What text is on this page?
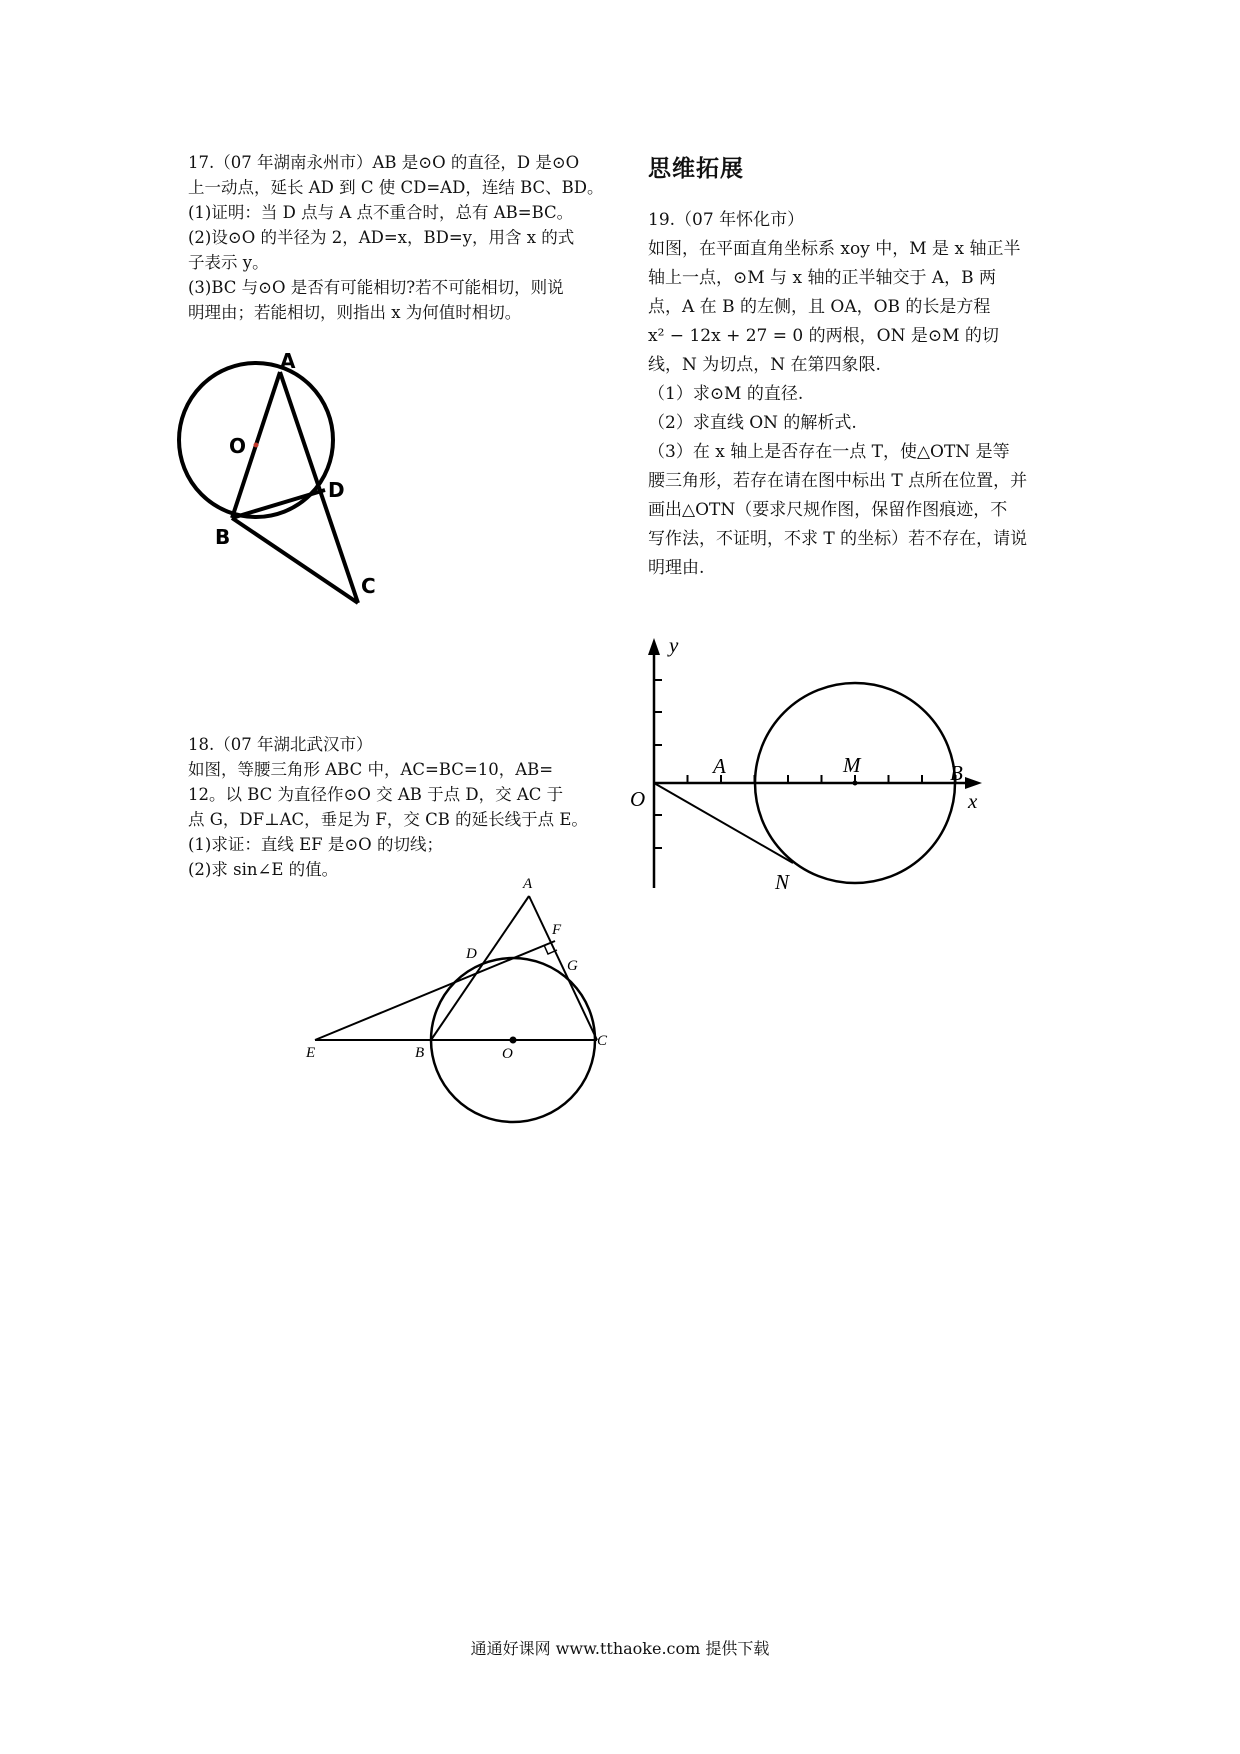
17.（07 年湖南永州市）AB 是⊙O 的直径，D 是⊙O
上一动点，延长 AD 到 C 使 CD=AD，连结 BC、BD。
(1)证明：当 D 点与 A 点不重合时，总有 AB=BC。
(2)设⊙O 的半径为 2，AD=x，BD=y，用含 x 的式
子表示 y。
(3)BC 与⊙O 是否有可能相切?若不可能相切，则说
明理由；若能相切，则指出 x 为何值时相切。
A
O
D
B
C
18.（07 年湖北武汉市）
如图，等腰三角形 ABC 中，AC=BC=10，AB=
12。以 BC 为直径作⊙O 交 AB 于点 D，交 AC 于
点 G，DF⊥AC，垂足为 F，交 CB 的延长线于点 E。
(1)求证：直线 EF 是⊙O 的切线；
(2)求 sin∠E 的值。
A
F
D
G
E	B	O
C
思维拓展
19.（07 年怀化市）
如图，在平面直角坐标系 xoy 中，M 是 x 轴正半
轴上一点，⊙M 与 x 轴的正半轴交于 A，B 两
点，A 在 B 的左侧，且 OA，OB 的长是方程
x² − 12x + 27 = 0 的两根，ON 是⊙M 的切
线，N 为切点，N 在第四象限.
（1）求⊙M 的直径.
（2）求直线 ON 的解析式.
（3）在 x 轴上是否存在一点 T，使△OTN 是等
腰三角形，若存在请在图中标出 T 点所在位置，并
画出△OTN（要求尺规作图，保留作图痕迹，不
写作法，不证明，不求 T 的坐标）若不存在，请说
明理由.
y
x
O
A	M	B
N
通通好课网 www.tthaoke.com 提供下载
